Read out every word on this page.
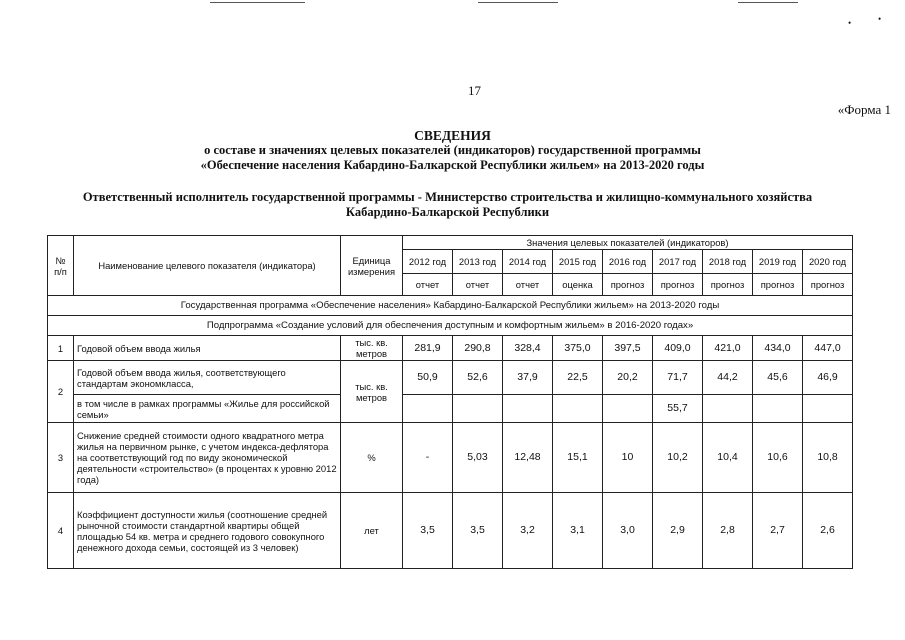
•	•
17
«Форма 1
СВЕДЕНИЯ
о составе и значениях целевых показателей (индикаторов) государственной программы
«Обеспечение населения Кабардино-Балкарской Республики жильем» на 2013-2020 годы
Ответственный исполнитель государственной программы - Министерство строительства и жилищно-коммунального хозяйства
Кабардино-Балкарской Республики
№ п/п	Наименование целевого показателя (индикатора)	Единица измерения	Значения целевых показателей (индикаторов)								
			2012 год	2013 год	2014 год	2015 год	2016 год	2017 год	2018 год	2019 год	2020 год
			отчет	отчет	отчет	оценка	прогноз	прогноз	прогноз	прогноз	прогноз
Государственная программа «Обеспечение населения» Кабардино-Балкарской Республики жильем» на 2013-2020 годы											
Подпрограмма «Создание условий для обеспечения доступным и комфортным жильем» в 2016-2020 годах»											
1	Годовой объем ввода жилья	тыс. кв. метров	281,9	290,8	328,4	375,0	397,5	409,0	421,0	434,0	447,0
2	Годовой объем ввода жилья, соответствующего стандартам экономкласса,	тыс. кв. метров	50,9	52,6	37,9	22,5	20,2	71,7	44,2	45,6	46,9
	в том числе в рамках программы «Жилье для российской семьи»							55,7			
3	Снижение средней стоимости одного квадратного метра жилья на первичном рынке, с учетом индекса-дефлятора на соответствующий год по виду экономической деятельности «строительство» (в процентах к уровню 2012 года)	%	-	5,03	12,48	15,1	10	10,2	10,4	10,6	10,8
4	Коэффициент доступности жилья (соотношение средней рыночной стоимости стандартной квартиры общей площадью 54 кв. метра и среднего годового совокупного денежного дохода семьи, состоящей из 3 человек)	лет	3,5	3,5	3,2	3,1	3,0	2,9	2,8	2,7	2,6
